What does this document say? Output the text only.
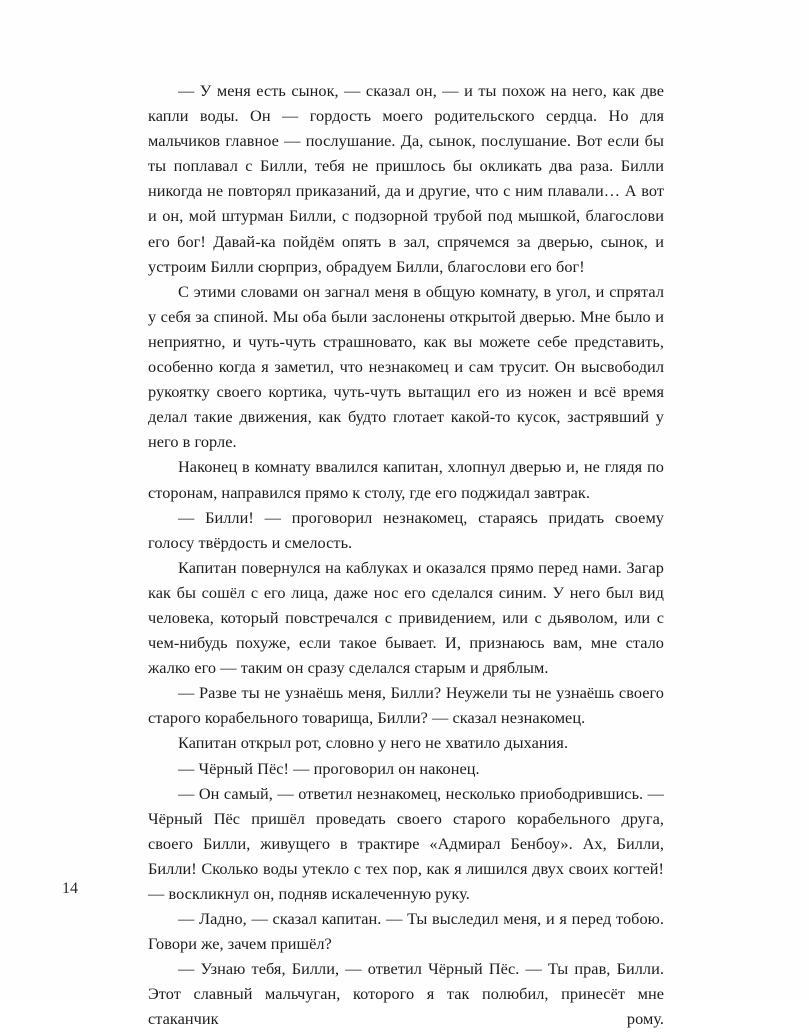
— У меня есть сынок, — сказал он, — и ты похож на него, как две капли воды. Он — гордость моего родительского сердца. Но для мальчиков главное — послушание. Да, сынок, послушание. Вот если бы ты поплавал с Билли, тебя не пришлось бы окликать два раза. Билли никогда не повторял приказаний, да и другие, что с ним плавали… А вот и он, мой штурман Билли, с подзорной трубой под мышкой, благослови его бог! Давай-ка пойдём опять в зал, спрячемся за дверью, сынок, и устроим Билли сюрприз, обрадуем Билли, благослови его бог!

С этими словами он загнал меня в общую комнату, в угол, и спрятал у себя за спиной. Мы оба были заслонены открытой дверью. Мне было и неприятно, и чуть-чуть страшновато, как вы можете себе представить, особенно когда я заметил, что незнакомец и сам трусит. Он высвободил рукоятку своего кортика, чуть-чуть вытащил его из ножен и всё время делал такие движения, как будто глотает какой-то кусок, застрявший у него в горле.

Наконец в комнату ввалился капитан, хлопнул дверью и, не глядя по сторонам, направился прямо к столу, где его поджидал завтрак.

— Билли! — проговорил незнакомец, стараясь придать своему голосу твёрдость и смелость.

Капитан повернулся на каблуках и оказался прямо перед нами. Загар как бы сошёл с его лица, даже нос его сделался синим. У него был вид человека, который повстречался с привидением, или с дьяволом, или с чем-нибудь похуже, если такое бывает. И, признаюсь вам, мне стало жалко его — таким он сразу сделался старым и дряблым.

— Разве ты не узнаёшь меня, Билли? Неужели ты не узнаёшь своего старого корабельного товарища, Билли? — сказал незнакомец.

Капитан открыл рот, словно у него не хватило дыхания.

— Чёрный Пёс! — проговорил он наконец.

— Он самый, — ответил незнакомец, несколько приободрившись. — Чёрный Пёс пришёл проведать своего старого корабельного друга, своего Билли, живущего в трактире «Адмирал Бенбоу». Ах, Билли, Билли! Сколько воды утекло с тех пор, как я лишился двух своих когтей! — воскликнул он, подняв искалеченную руку.

— Ладно, — сказал капитан. — Ты выследил меня, и я перед тобою. Говори же, зачем пришёл?

— Узнаю тебя, Билли, — ответил Чёрный Пёс. — Ты прав, Билли. Этот славный мальчуган, которого я так полюбил, принесёт мне стаканчик рому.

14
